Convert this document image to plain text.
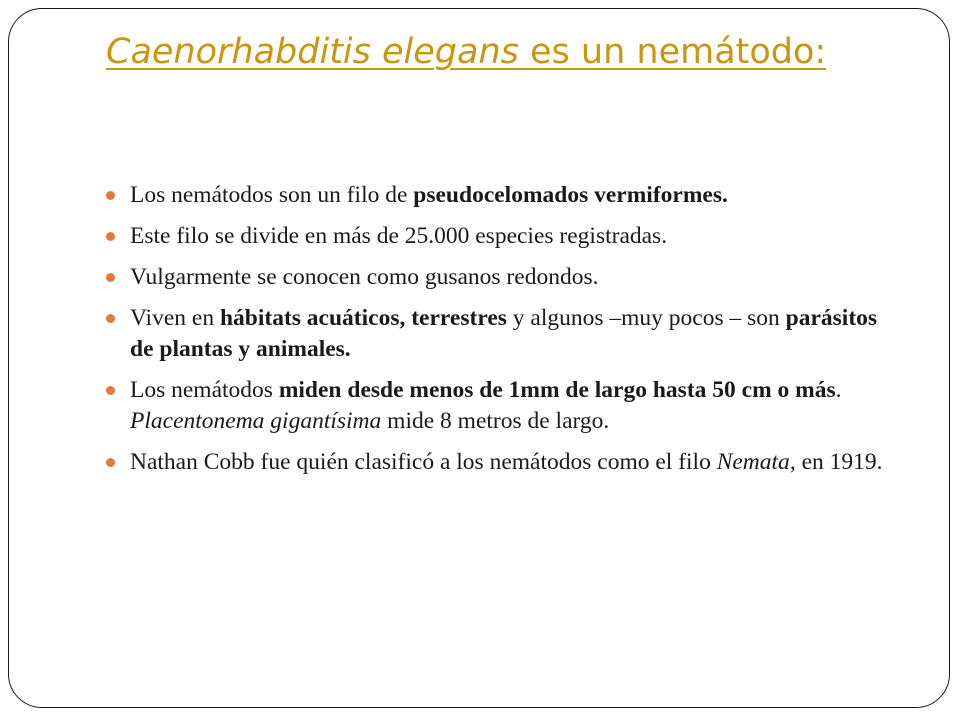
Caenorhabditis elegans es un nemátodo:
Los nemátodos son un filo de pseudocelomados vermiformes.
Este filo se divide en más de 25.000 especies registradas.
Vulgarmente se conocen como gusanos redondos.
Viven en hábitats acuáticos, terrestres y algunos –muy pocos – son parásitos de plantas y animales.
Los nemátodos miden desde menos de 1mm de largo hasta 50 cm o más. Placentonema gigantísima mide 8 metros de largo.
Nathan Cobb fue quién clasificó a los nemátodos como el filo Nemata, en 1919.
